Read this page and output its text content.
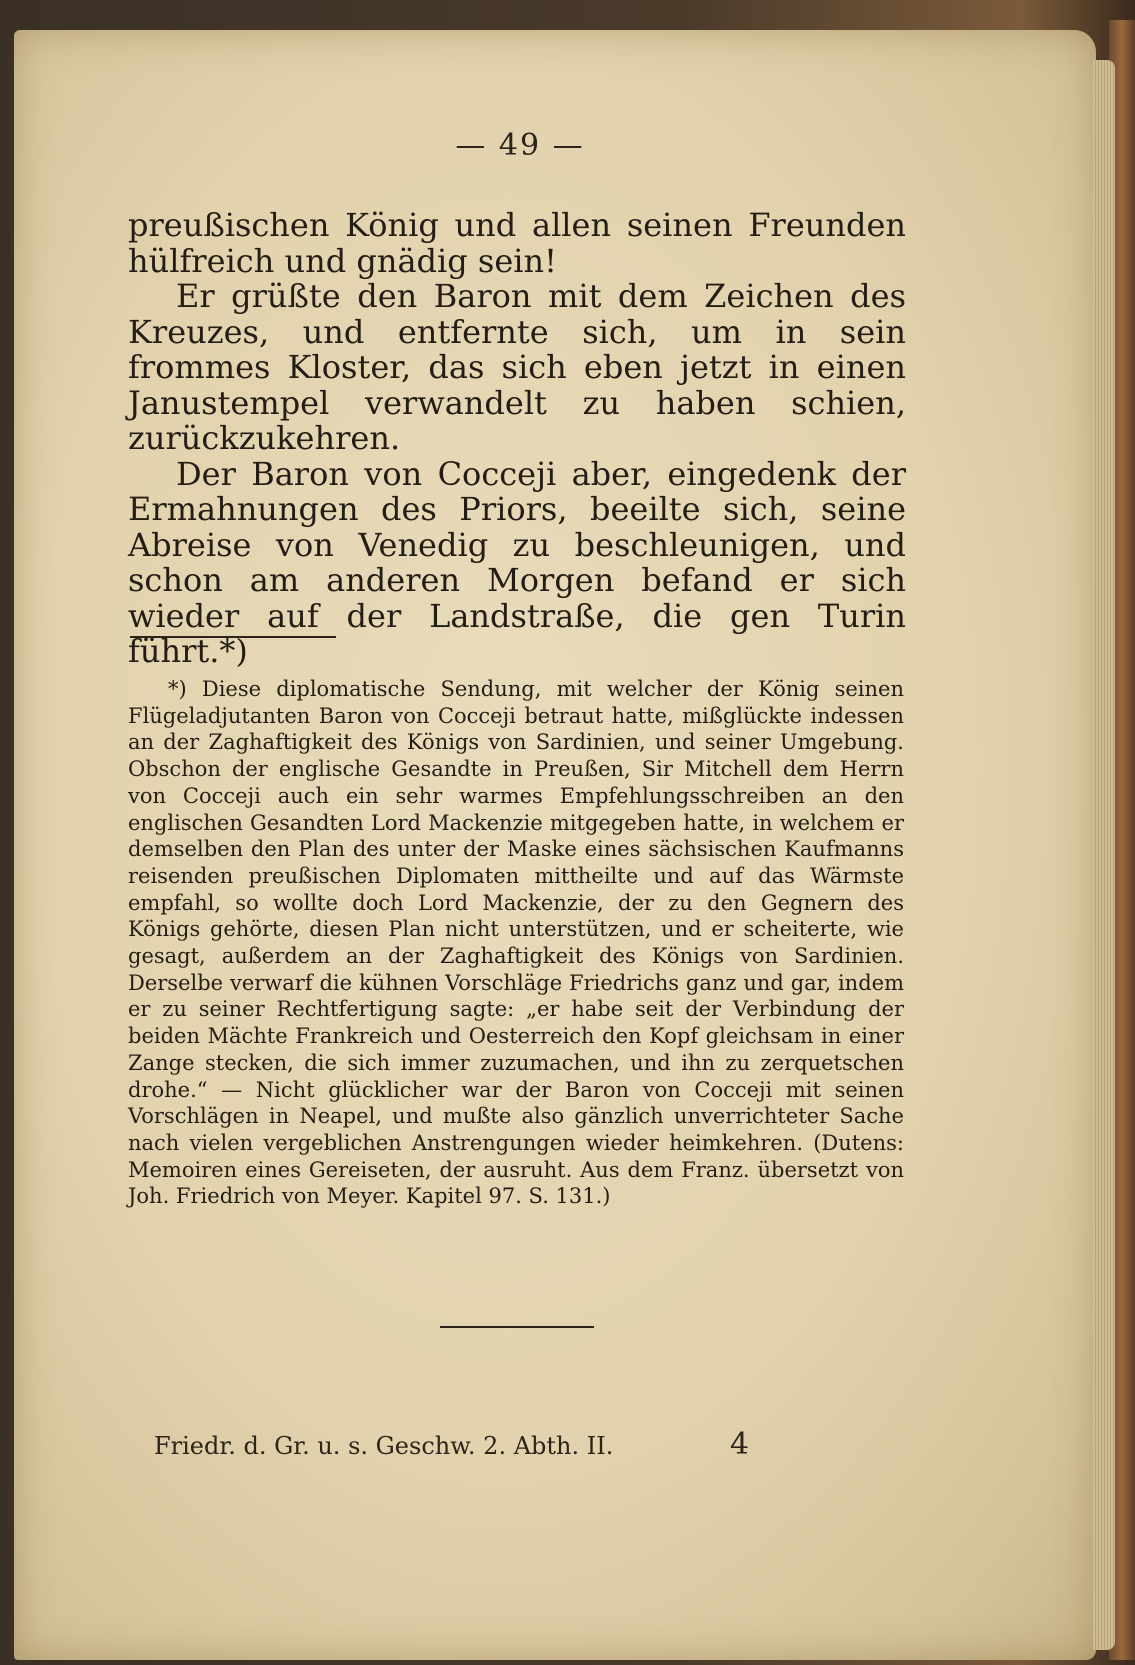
— 49 —

preußischen König und allen seinen Freunden hülfreich und gnädig sein!

Er grüßte den Baron mit dem Zeichen des Kreuzes, und entfernte sich, um in sein frommes Kloster, das sich eben jetzt in einen Janustempel verwandelt zu haben schien, zurückzukehren.

Der Baron von Cocceji aber, eingedenk der Ermahnungen des Priors, beeilte sich, seine Abreise von Venedig zu beschleunigen, und schon am anderen Morgen befand er sich wieder auf der Landstraße, die gen Turin führt.*)

*) Diese diplomatische Sendung, mit welcher der König seinen Flügeladjutanten Baron von Cocceji betraut hatte, mißglückte indessen an der Zaghaftigkeit des Königs von Sardinien, und seiner Umgebung. Obschon der englische Gesandte in Preußen, Sir Mitchell dem Herrn von Cocceji auch ein sehr warmes Empfehlungsschreiben an den englischen Gesandten Lord Mackenzie mitgegeben hatte, in welchem er demselben den Plan des unter der Maske eines sächsischen Kaufmanns reisenden preußischen Diplomaten mittheilte und auf das Wärmste empfahl, so wollte doch Lord Mackenzie, der zu den Gegnern des Königs gehörte, diesen Plan nicht unterstützen, und er scheiterte, wie gesagt, außerdem an der Zaghaftigkeit des Königs von Sardinien. Derselbe verwarf die kühnen Vorschläge Friedrichs ganz und gar, indem er zu seiner Rechtfertigung sagte: „er habe seit der Verbindung der beiden Mächte Frankreich und Oesterreich den Kopf gleichsam in einer Zange stecken, die sich immer zuzumachen, und ihn zu zerquetschen drohe.“ — Nicht glücklicher war der Baron von Cocceji mit seinen Vorschlägen in Neapel, und mußte also gänzlich unverrichteter Sache nach vielen vergeblichen Anstrengungen wieder heimkehren. (Dutens: Memoiren eines Gereiseten, der ausruht. Aus dem Franz. übersetzt von Joh. Friedrich von Meyer. Kapitel 97. S. 131.)

Friedr. d. Gr. u. s. Geschw. 2. Abth. II.	4
